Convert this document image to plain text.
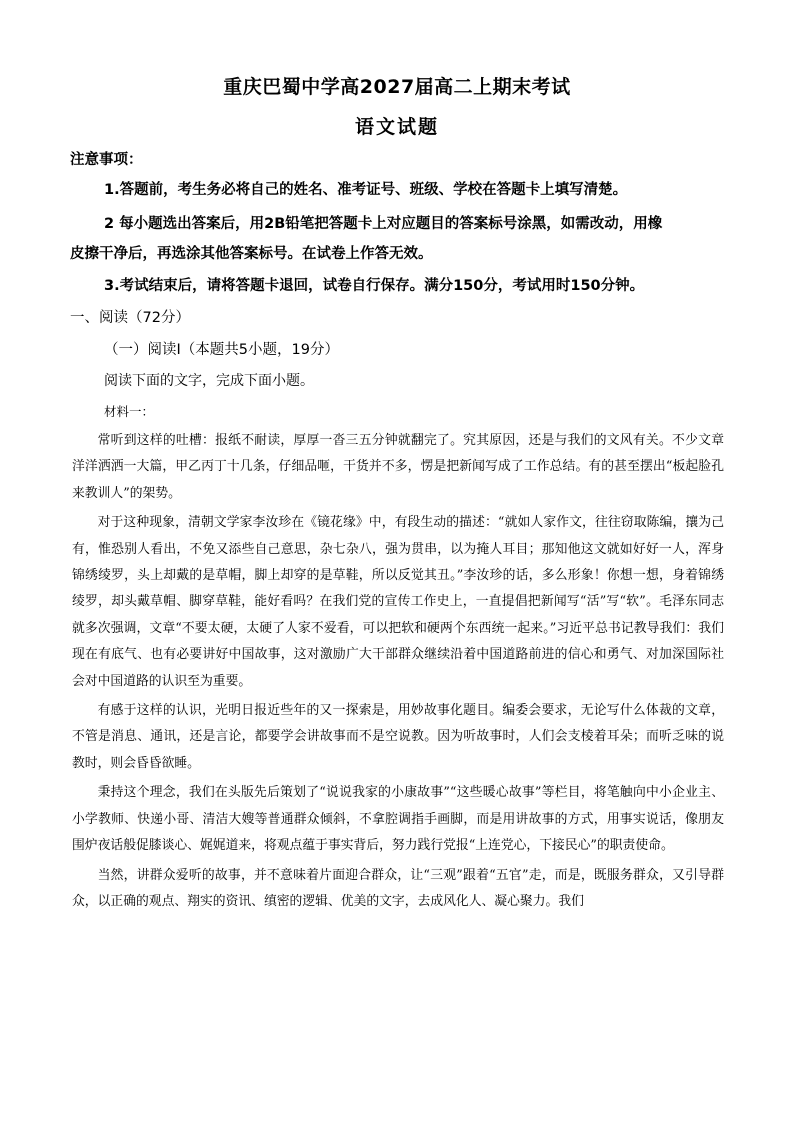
重庆巴蜀中学高2027届高二上期末考试
语文试题

注意事项：

1.答题前，考生务必将自己的姓名、准考证号、班级、学校在答题卡上填写清楚。

2 每小题选出答案后，用2B铅笔把答题卡上对应题目的答案标号涂黑，如需改动，用橡

皮擦干净后，再选涂其他答案标号。在试卷上作答无效。

3.考试结束后，请将答题卡退回，试卷自行保存。满分150分，考试用时150分钟。

一、阅读（72分）

（一）阅读Ⅰ（本题共5小题，19分）

阅读下面的文字，完成下面小题。

材料一：

常听到这样的吐槽：报纸不耐读，厚厚一沓三五分钟就翻完了。究其原因，还是与我们的文风有关。不少文章洋洋洒洒一大篇，甲乙丙丁十几条，仔细品咂，干货并不多，愣是把新闻写成了工作总结。有的甚至摆出“板起脸孔来教训人”的架势。

对于这种现象，清朝文学家李汝珍在《镜花缘》中，有段生动的描述：“就如人家作文，往往窃取陈编，攘为己有，惟恐别人看出，不免又添些自己意思，杂七杂八，强为贯串，以为掩人耳目；那知他这文就如好好一人，浑身锦绣绫罗，头上却戴的是草帽，脚上却穿的是草鞋，所以反觉其丑。”李汝珍的话，多么形象！你想一想，身着锦绣绫罗，却头戴草帽、脚穿草鞋，能好看吗？在我们党的宣传工作史上，一直提倡把新闻写“活”写“软”。毛泽东同志就多次强调，文章“不要太硬，太硬了人家不爱看，可以把软和硬两个东西统一起来。”习近平总书记教导我们：我们现在有底气、也有必要讲好中国故事，这对激励广大干部群众继续沿着中国道路前进的信心和勇气、对加深国际社会对中国道路的认识至为重要。

有感于这样的认识，光明日报近些年的又一探索是，用妙故事化题目。编委会要求，无论写什么体裁的文章，不管是消息、通讯，还是言论，都要学会讲故事而不是空说教。因为听故事时，人们会支棱着耳朵；而听乏味的说教时，则会昏昏欲睡。

秉持这个理念，我们在头版先后策划了“说说我家的小康故事”“这些暖心故事”等栏目，将笔触向中小企业主、小学教师、快递小哥、清洁大嫂等普通群众倾斜，不拿腔调指手画脚，而是用讲故事的方式，用事实说话，像朋友围炉夜话般促膝谈心、娓娓道来，将观点蕴于事实背后，努力践行党报“上连党心，下接民心”的职责使命。

当然，讲群众爱听的故事，并不意味着片面迎合群众，让“三观”跟着“五官”走，而是，既服务群众，又引导群众，以正确的观点、翔实的资讯、缜密的逻辑、优美的文字，去成风化人、凝心聚力。我们
